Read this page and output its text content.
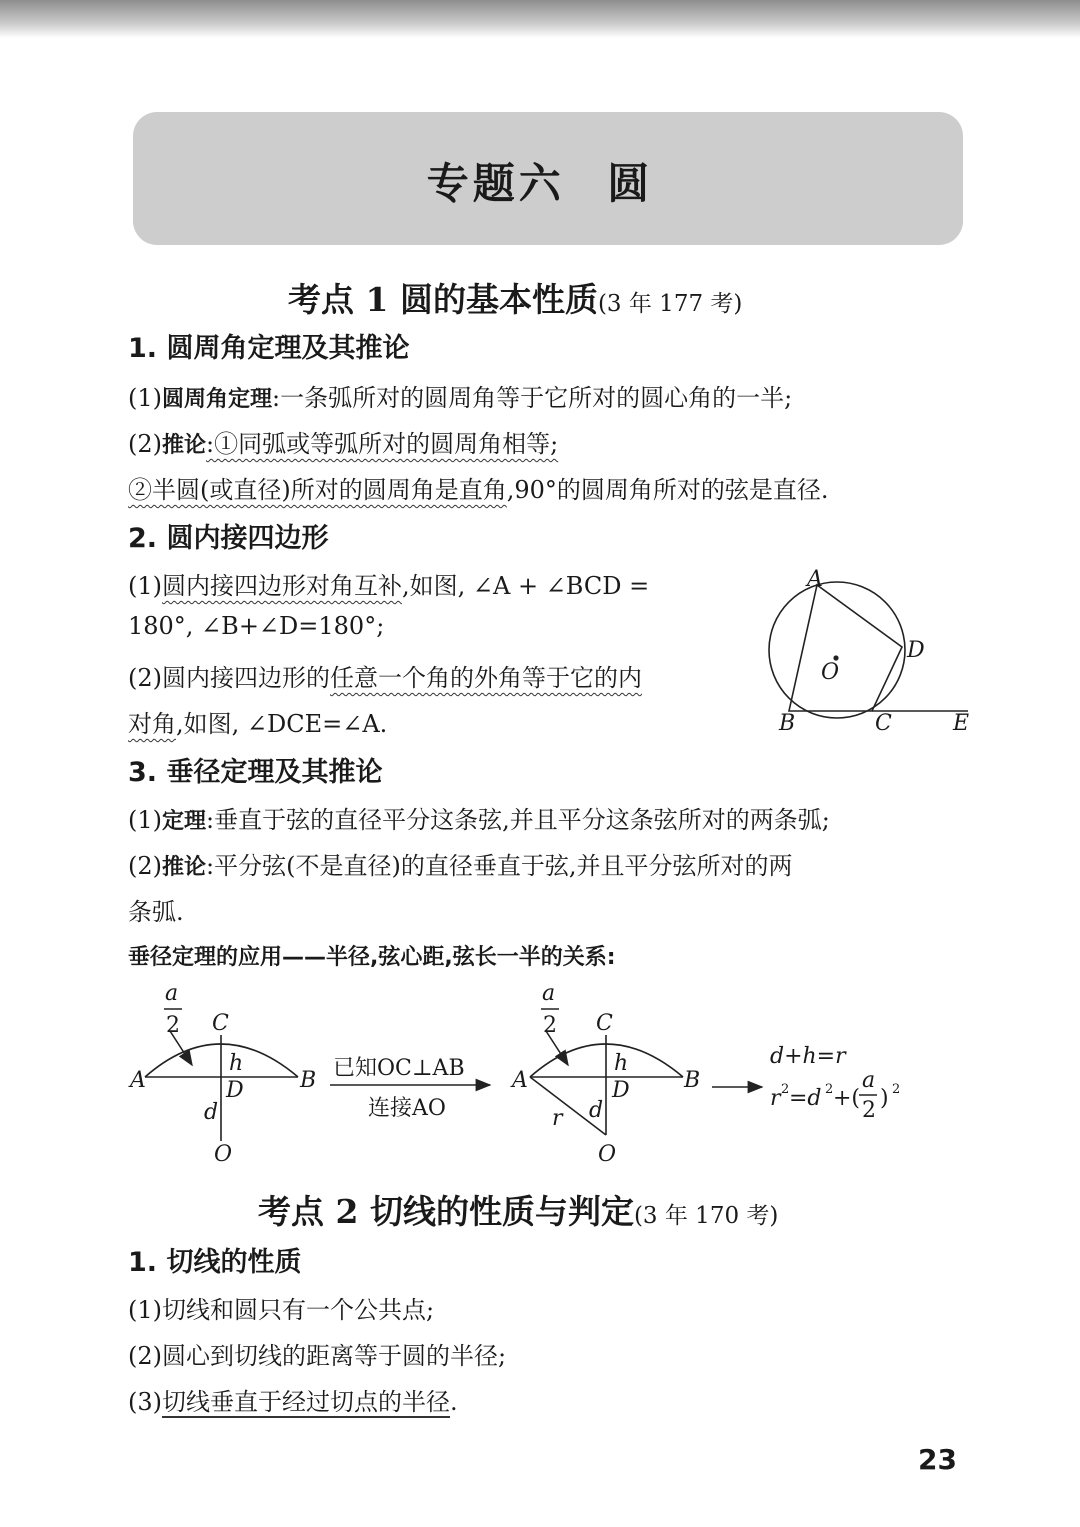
专题六 圆
考点 1 圆的基本性质(3 年 177 考)
1. 圆周角定理及其推论
(1)圆周角定理:一条弧所对的圆周角等于它所对的圆心角的一半;
(2)推论:①同弧或等弧所对的圆周角相等;
②半圆(或直径)所对的圆周角是直角,90°的圆周角所对的弦是直径.
2. 圆内接四边形
(1)圆内接四边形对角互补,如图, ∠A + ∠BCD =
180°, ∠B+∠D=180°;
(2)圆内接四边形的任意一个角的外角等于它的内
对角,如图, ∠DCE=∠A.
A
B	C
D
E
O
3. 垂径定理及其推论
(1)定理:垂直于弦的直径平分这条弦,并且平分这条弦所对的两条弧;
(2)推论:平分弦(不是直径)的直径垂直于弦,并且平分弦所对的两
条弧.
垂径定理的应用——半径,弦心距,弦长一半的关系:
a
2 C
h
A	B
D
d
O
已知OC⊥AB
连接AO
a
2 C
h
A	B
D
d
r
O
d+h=r
r 2 =d 2 +(
a
2 ) 2
考点 2 切线的性质与判定(3 年 170 考)
1. 切线的性质
(1)切线和圆只有一个公共点;
(2)圆心到切线的距离等于圆的半径;
(3)切线垂直于经过切点的半径.
23
